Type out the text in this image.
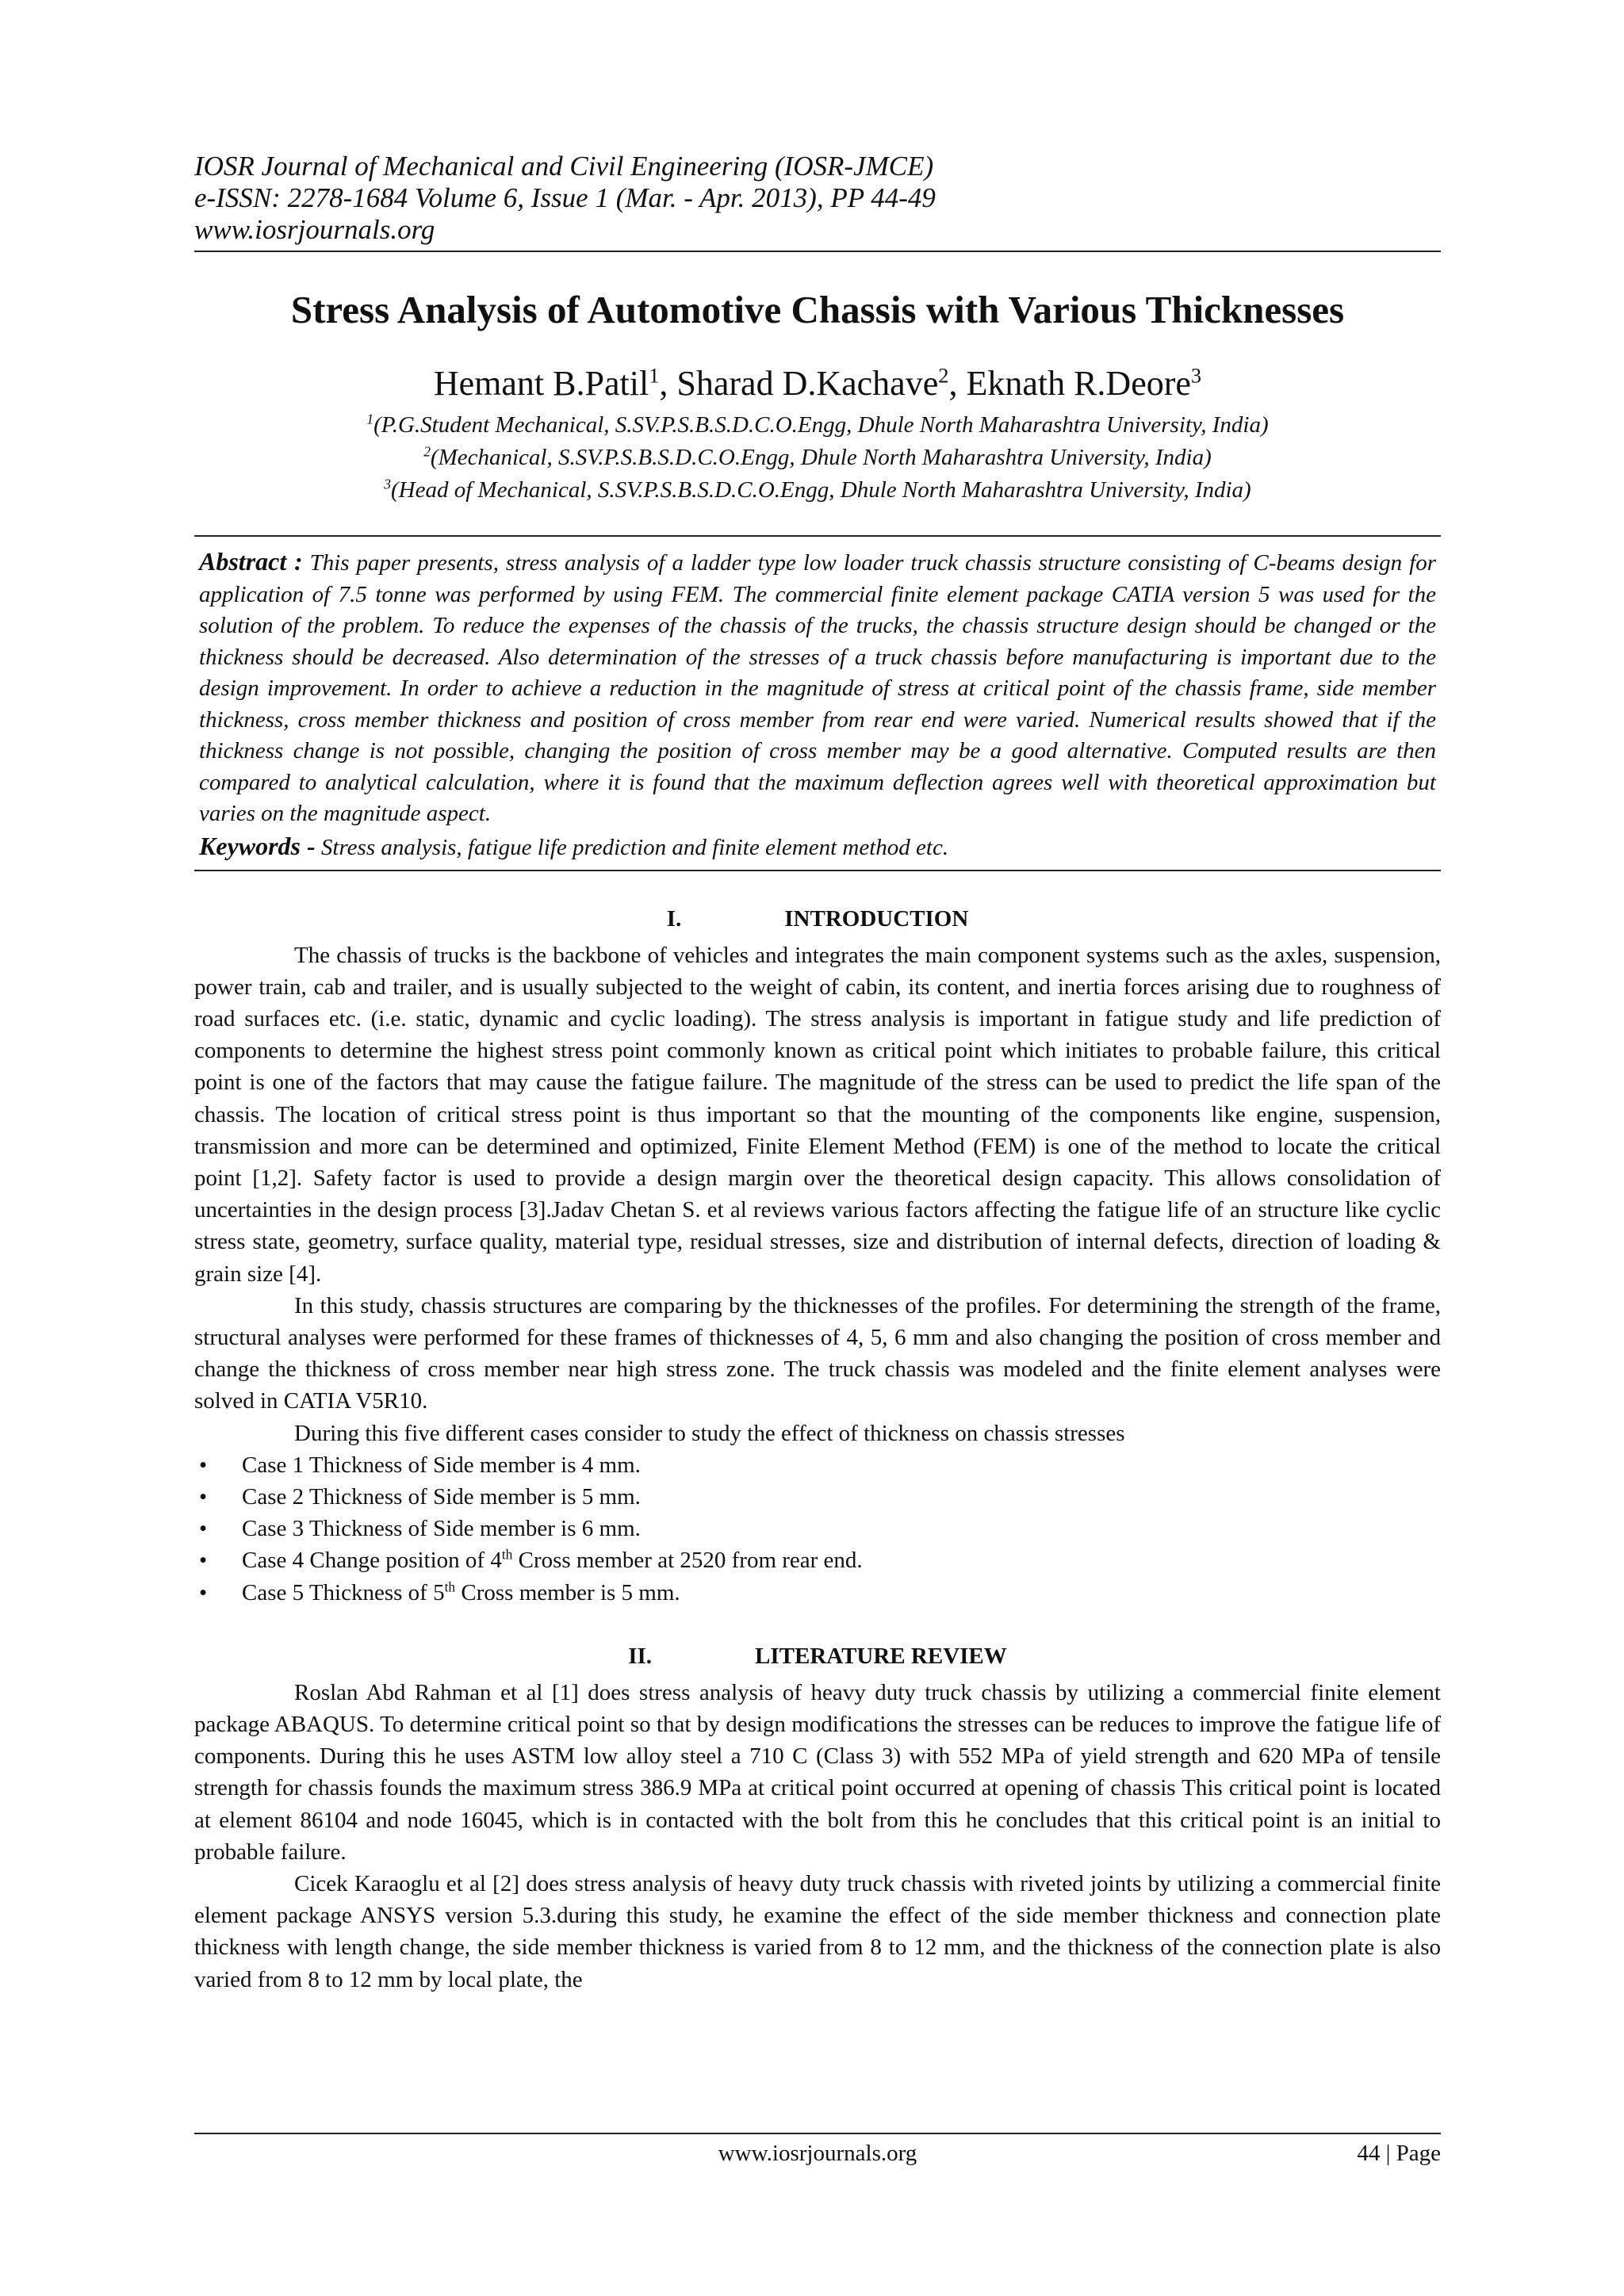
IOSR Journal of Mechanical and Civil Engineering (IOSR-JMCE)

e-ISSN: 2278-1684 Volume 6, Issue 1 (Mar. - Apr. 2013), PP 44-49

www.iosrjournals.org

Stress Analysis of Automotive Chassis with Various Thicknesses
Hemant B.Patil$^1$, Sharad D.Kachave$^2$, Eknath R.Deore$^3$

$^1$(P.G.Student Mechanical, S.SV.P.S.B.S.D.C.O.Engg, Dhule North Maharashtra University, India)

$^2$(Mechanical, S.SV.P.S.B.S.D.C.O.Engg, Dhule North Maharashtra University, India)

$^3$(Head of Mechanical, S.SV.P.S.B.S.D.C.O.Engg, Dhule North Maharashtra University, India)

Abstract : This paper presents, stress analysis of a ladder type low loader truck chassis structure consisting of C-beams design for application of 7.5 tonne was performed by using FEM. The commercial finite element package CATIA version 5 was used for the solution of the problem. To reduce the expenses of the chassis of the trucks, the chassis structure design should be changed or the thickness should be decreased. Also determination of the stresses of a truck chassis before manufacturing is important due to the design improvement. In order to achieve a reduction in the magnitude of stress at critical point of the chassis frame, side member thickness, cross member thickness and position of cross member from rear end were varied. Numerical results showed that if the thickness change is not possible, changing the position of cross member may be a good alternative. Computed results are then compared to analytical calculation, where it is found that the maximum deflection agrees well with theoretical approximation but varies on the magnitude aspect.

Keywords - Stress analysis, fatigue life prediction and finite element method etc.

I.	INTRODUCTION

The chassis of trucks is the backbone of vehicles and integrates the main component systems such as the axles, suspension, power train, cab and trailer, and is usually subjected to the weight of cabin, its content, and inertia forces arising due to roughness of road surfaces etc. (i.e. static, dynamic and cyclic loading). The stress analysis is important in fatigue study and life prediction of components to determine the highest stress point commonly known as critical point which initiates to probable failure, this critical point is one of the factors that may cause the fatigue failure. The magnitude of the stress can be used to predict the life span of the chassis. The location of critical stress point is thus important so that the mounting of the components like engine, suspension, transmission and more can be determined and optimized, Finite Element Method (FEM) is one of the method to locate the critical point [1,2]. Safety factor is used to provide a design margin over the theoretical design capacity. This allows consolidation of uncertainties in the design process [3].Jadav Chetan S. et al reviews various factors affecting the fatigue life of an structure like cyclic stress state, geometry, surface quality, material type, residual stresses, size and distribution of internal defects, direction of loading & grain size [4].

In this study, chassis structures are comparing by the thicknesses of the profiles. For determining the strength of the frame, structural analyses were performed for these frames of thicknesses of 4, 5, 6 mm and also changing the position of cross member and change the thickness of cross member near high stress zone. The truck chassis was modeled and the finite element analyses were solved in CATIA V5R10.

During this five different cases consider to study the effect of thickness on chassis stresses

• Case 1 Thickness of Side member is 4 mm.
• Case 2 Thickness of Side member is 5 mm.
• Case 3 Thickness of Side member is 6 mm.
• Case 4 Change position of 4th Cross member at 2520 from rear end.
• Case 5 Thickness of 5th Cross member is 5 mm.
II.	LITERATURE REVIEW

Roslan Abd Rahman et al [1] does stress analysis of heavy duty truck chassis by utilizing a commercial finite element package ABAQUS. To determine critical point so that by design modifications the stresses can be reduces to improve the fatigue life of components. During this he uses ASTM low alloy steel a 710 C (Class 3) with 552 MPa of yield strength and 620 MPa of tensile strength for chassis founds the maximum stress 386.9 MPa at critical point occurred at opening of chassis This critical point is located at element 86104 and node 16045, which is in contacted with the bolt from this he concludes that this critical point is an initial to probable failure.

Cicek Karaoglu et al [2] does stress analysis of heavy duty truck chassis with riveted joints by utilizing a commercial finite element package ANSYS version 5.3.during this study, he examine the effect of the side member thickness and connection plate thickness with length change, the side member thickness is varied from 8 to 12 mm, and the thickness of the connection plate is also varied from 8 to 12 mm by local plate, the

www.iosrjournals.org	44 | Page
